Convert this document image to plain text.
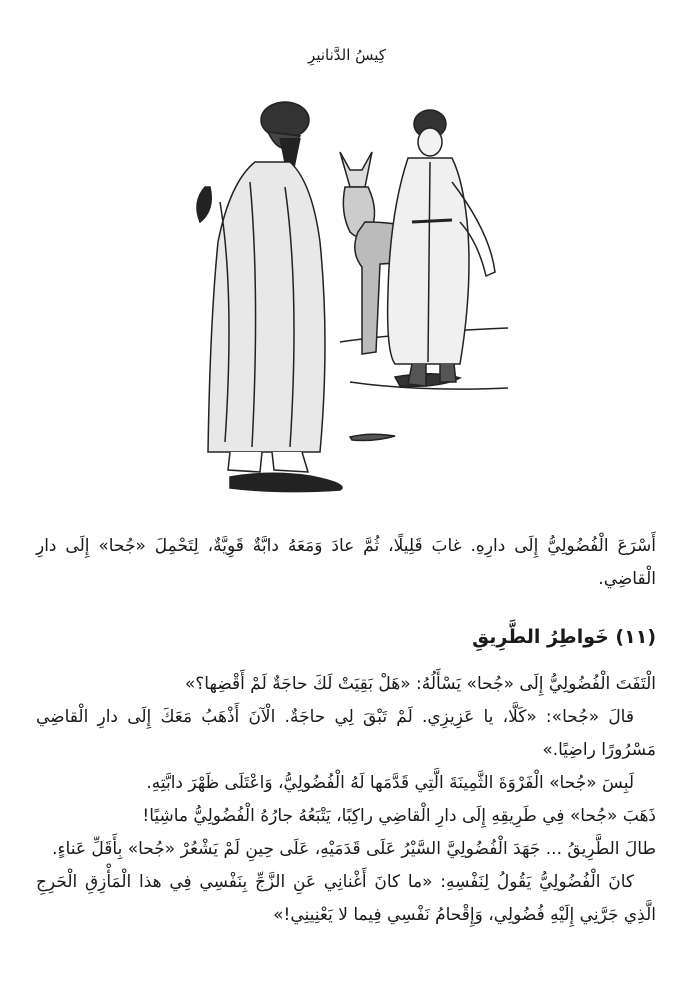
كِيسُ الدَّنانيرِ
أَسْرَعَ الْفُضُولِيُّ إِلَى دارِهِ. غابَ قَلِيلًا، ثُمَّ عادَ وَمَعَهُ دابَّةٌ قَوِيَّةٌ، لِتَحْمِلَ «جُحا» إِلَى دارِ الْقاضِي.
(١١) خَواطِرُ الطَّرِيقِ

الْتَفَتَ الْفُضُولِيُّ إِلَى «جُحا» يَسْأَلُهُ: «هَلْ بَقِيَتْ لَكَ حاجَةٌ لَمْ أَقْضِها؟»

قالَ «جُحا»: «كَلَّا، يا عَزِيزِي. لَمْ تَبْقَ لِي حاجَةٌ. الْآنَ أَذْهَبُ مَعَكَ إِلَى دارِ الْقاضِي مَسْرُورًا راضِيًا.»

لَبِسَ «جُحا» الْفَرْوَةَ الثَّمِينَةَ الَّتِي قَدَّمَها لَهُ الْفُضُولِيُّ، وَاعْتَلَى ظَهْرَ دابَّتِهِ.

ذَهَبَ «جُحا» فِي طَرِيقِهِ إِلَى دارِ الْقاضِي راكِبًا، يَتْبَعُهُ جارُهُ الْفُضُولِيُّ ماشِيًا!

طالَ الطَّرِيقُ ... جَهَدَ الْفُضُولِيَّ السَّيْرُ عَلَى قَدَمَيْهِ، عَلَى حِينِ لَمْ يَشْعُرْ «جُحا» بِأَقَلِّ عَناءٍ.

كانَ الْفُضُولِيُّ يَقُولُ لِنَفْسِهِ: «ما كانَ أَغْنانِي عَنِ الزَّجِّ بِنَفْسِي فِي هذا الْمَأْزِقِ الْحَرِجِ الَّذِي جَرَّنِي إِلَيْهِ فُضُولِي، وَإِقْحامُ نَفْسِي فِيما لا يَعْنِينِي!»
